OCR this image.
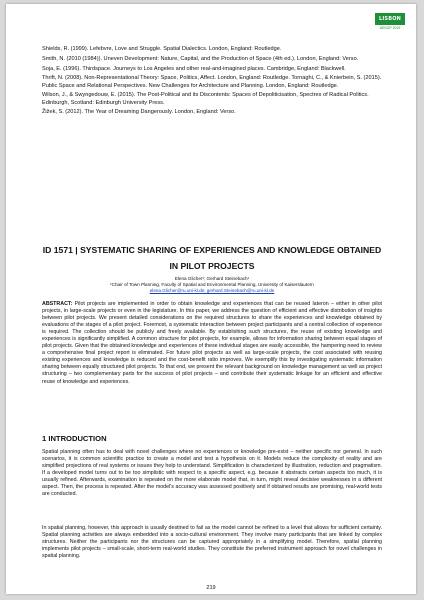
LISBON
AESOP 2019

Shields, R. (1999). Lefebvre, Love and Struggle. Spatial Dialectics. London, England: Routledge.

Smith, N. (2010 (1984)). Uneven Development: Nature, Capital, and the Production of Space (4th ed.). London, England: Verso.

Soja, E. (1996). Thirdspace. Journeys to Los Angeles and other real-and-imagined places. Cambridge, England: Blackwell.

Thrift, N. (2008). Non-Representational Theory: Space, Politics, Affect. London, England: Routledge. Tornaghi, C., & Knierbein, S. (2015). Public Space and Relational Perspectives. New Challenges for Architecture and Planning. London, England: Routledge.

Wilson, J., & Swyngedouw, E. (2015). The Post-Political and its Discontents: Spaces of Depoliticisation, Spectres of Radical Politics. Edinburgh, Scotland: Edinburgh University Press.

Žižek, S. (2012). The Year of Dreaming Dangerously. London, England: Verso.

ID 1571 | SYSTEMATIC SHARING OF EXPERIENCES AND KNOWLEDGE OBTAINED IN PILOT PROJECTS
Elena Glicher¹; Gerhard Steinebach¹
¹Chair of Town Planning, Faculty of Spatial and Environmental Planning, University of Kaiserslautern
elena.Glicher@ru.uni-kl.de; gerhard.Steinebach@ru.uni-kl.de
ABSTRACT: Pilot projects are implemented in order to obtain knowledge and experiences that can be reused lateron – either in other pilot projects, in large-scale projects or even in the legislature. In this paper, we address the question of efficient and effective distribution of insights between pilot projects. We present detailed considerations on the required structures to share the experiences and knowledge obtained by evaluations of the stages of a pilot project. Foremost, a systematic interaction between project participants and a central collection of experience is required. The collection should be publicly and freely available. By establishing such structures, the reuse of existing knowledge and experiences is significantly simplified. A common structure for pilot projects, for example, allows for information sharing between equal stages of pilot projects. Given that the obtained knowledge and experiences of these individual stages are easily accessible, the hampering need to review a comprehensive final project report is eliminated. For future pilot projects as well as large-scale projects, the cost associated with reusing existing experiences and knowledge is reduced and the cost-benefit ratio improves. We exemplify this by investigating systematic information sharing between equally structured pilot projects. To that end, we present the relevant background on knowledge management as well as project structuring – two complementary parts for the success of pilot projects – and contribute their systematic linkage for an efficient and effective reuse of knowledge and experiences.
1 INTRODUCTION
Spatial planning often has to deal with novel challenges where no experiences or knowledge pre-exist – neither specific nor general. In such scenarios, it is common scientific practice to create a model and test a hypothesis on it. Models reduce the complexity of reality and are simplified projections of real systems or issues they help to understand. Simplification is characterized by illustration, reduction and pragmatism. If a developed model turns out to be too simplistic with respect to a specific aspect, e.g. because it abstracts certain aspects too much, it is usually refined. Afterwards, examination is repeated on the more elaborate model that, in turn, might reveal decisive weaknesses in a different aspect. Then, the process is repeated. After the model's accuracy was assessed positively and if obtained results are promising, real-world tests are conducted.
In spatial planning, however, this approach is usually destined to fail as the model cannot be refined to a level that allows for sufficient certainty. Spatial planning activities are always embedded into a socio-cultural environment. They involve many participants that are linked by complex structures. Neither the participants nor the structures can be captured appropriately in a simplifying model. Therefore, spatial planning implements pilot projects – small-scale, short-term real-world studies. They constitute the preferred instrument approach for novel challenges in spatial planning.
219
